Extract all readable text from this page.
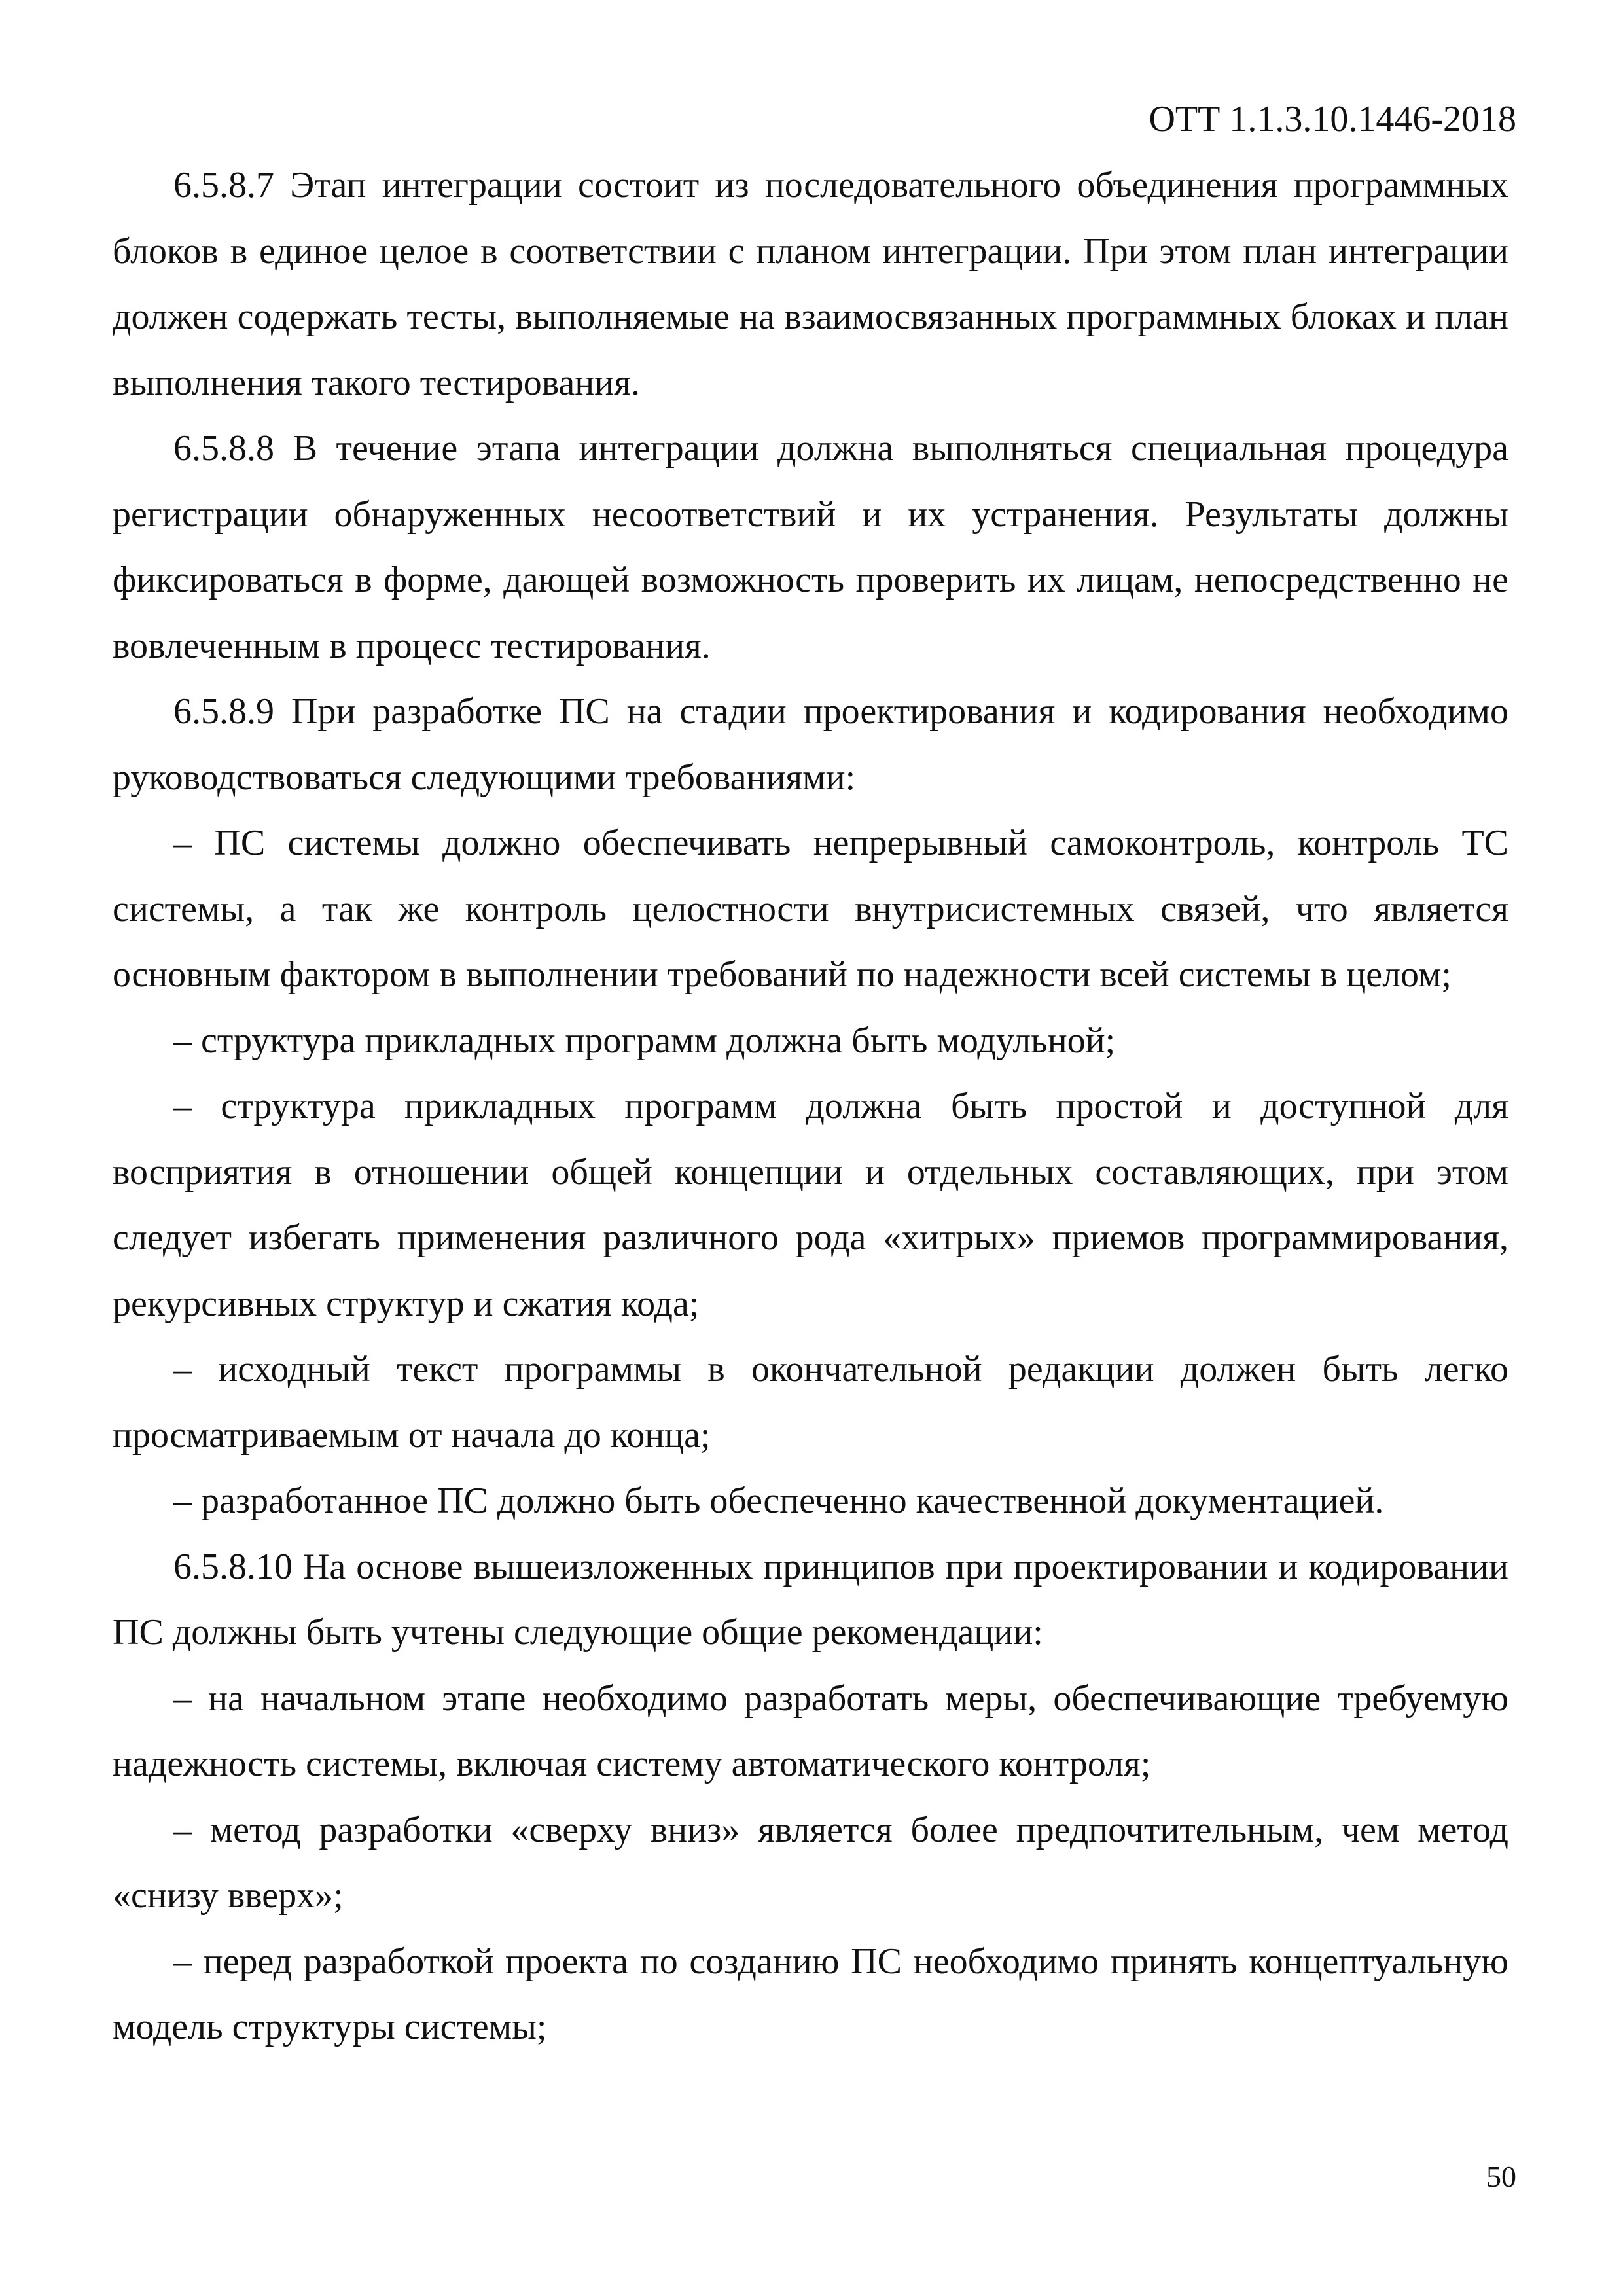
ОТТ 1.1.3.10.1446-2018

6.5.8.7 Этап интеграции состоит из последовательного объединения программных блоков в единое целое в соответствии с планом интеграции. При этом план интеграции должен содержать тесты, выполняемые на взаимосвязанных программных блоках и план выполнения такого тестирования.

6.5.8.8 В течение этапа интеграции должна выполняться специальная процедура регистрации обнаруженных несоответствий и их устранения. Результаты должны фиксироваться в форме, дающей возможность проверить их лицам, непосредственно не вовлеченным в процесс тестирования.

6.5.8.9 При разработке ПС на стадии проектирования и кодирования необходимо руководствоваться следующими требованиями:

– ПС системы должно обеспечивать непрерывный самоконтроль, контроль ТС системы, а так же контроль целостности внутрисистемных связей, что является основным фактором в выполнении требований по надежности всей системы в целом;

– структура прикладных программ должна быть модульной;

– структура прикладных программ должна быть простой и доступной для восприятия в отношении общей концепции и отдельных составляющих, при этом следует избегать применения различного рода «хитрых» приемов программирования, рекурсивных структур и сжатия кода;

– исходный текст программы в окончательной редакции должен быть легко просматриваемым от начала до конца;

– разработанное ПС должно быть обеспеченно качественной документацией.

6.5.8.10 На основе вышеизложенных принципов при проектировании и кодировании ПС должны быть учтены следующие общие рекомендации:

– на начальном этапе необходимо разработать меры, обеспечивающие требуемую надежность системы, включая систему автоматического контроля;

– метод разработки «сверху вниз» является более предпочтительным, чем метод «снизу вверх»;

– перед разработкой проекта по созданию ПС необходимо принять концептуальную модель структуры системы;

50
